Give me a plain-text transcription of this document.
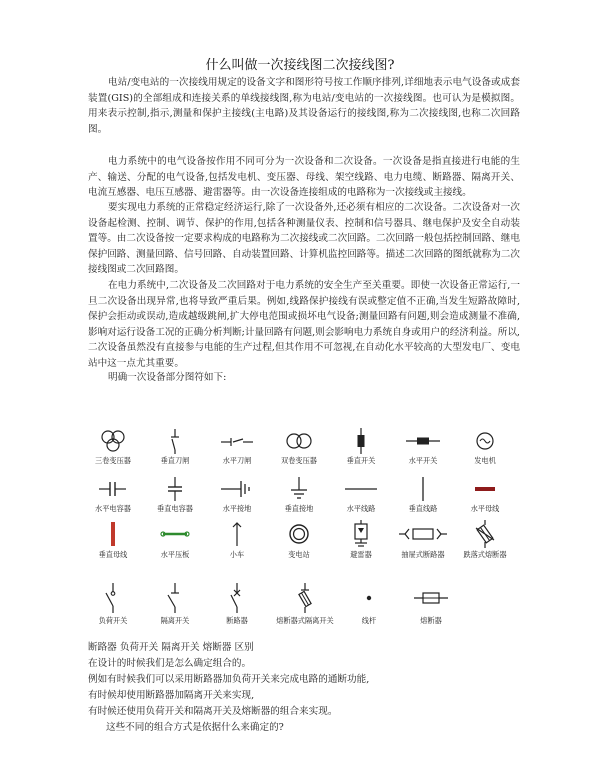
什么叫做一次接线图二次接线图?

电站/变电站的一次接线用规定的设备文字和图形符号按工作顺序排列,详细地表示电气设备或成套装置(GIS)的全部组成和连接关系的单线接线图,称为电站/变电站的一次接线图。也可认为是模拟图。用来表示控制,指示,测量和保护主接线(主电路)及其设备运行的接线图,称为二次接线图,也称二次回路图。

电力系统中的电气设备按作用不同可分为一次设备和二次设备。一次设备是指直接进行电能的生产、输送、分配的电气设备,包括发电机、变压器、母线、架空线路、电力电缆、断路器、隔离开关、电流互感器、电压互感器、避雷器等。由一次设备连接组成的电路称为一次接线或主接线。

要实现电力系统的正常稳定经济运行,除了一次设备外,还必须有相应的二次设备。二次设备对一次设备起检测、控制、调节、保护的作用,包括各种测量仪表、控制和信号器具、继电保护及安全自动装置等。由二次设备按一定要求构成的电路称为二次接线或二次回路。二次回路一般包括控制回路、继电保护回路、测量回路、信号回路、自动装置回路、计算机监控回路等。描述二次回路的图纸就称为二次接线图或二次回路图。

在电力系统中,二次设备及二次回路对于电力系统的安全生产至关重要。即使一次设备正常运行,一旦二次设备出现异常,也将导致严重后果。例如,线路保护接线有误或整定值不正确,当发生短路故障时,保护会拒动或误动,造成越级跳闸,扩大停电范围或损坏电气设备;测量回路有问题,则会造成测量不准确,影响对运行设备工况的正确分析判断;计量回路有问题,则会影响电力系统自身或用户的经济利益。所以,二次设备虽然没有直接参与电能的生产过程,但其作用不可忽视,在自动化水平较高的大型发电厂、变电站中这一点尤其重要。

明确一次设备部分图符如下:

三卷变压器	垂直刀闸	水平刀闸	双卷变压器	垂直开关	水平开关	发电机
水平电容器	垂直电容器	水平接地	垂直接地	水平线路	垂直线路	水平母线
垂直母线	水平压板	小车	变电站	避雷器	抽屉式断路器	跌落式熔断器
负荷开关	隔离开关	断路器	熔断器式隔离开关	线杆	熔断器

断路器 负荷开关 隔离开关 熔断器 区别

在设计的时候我们是怎么确定组合的。

例如有时候我们可以采用断路器加负荷开关来完成电路的通断功能,

有时候却使用断路器加隔离开关来实现,

有时候还使用负荷开关和隔离开关及熔断器的组合来实现。

这些不同的组合方式是依据什么来确定的?
